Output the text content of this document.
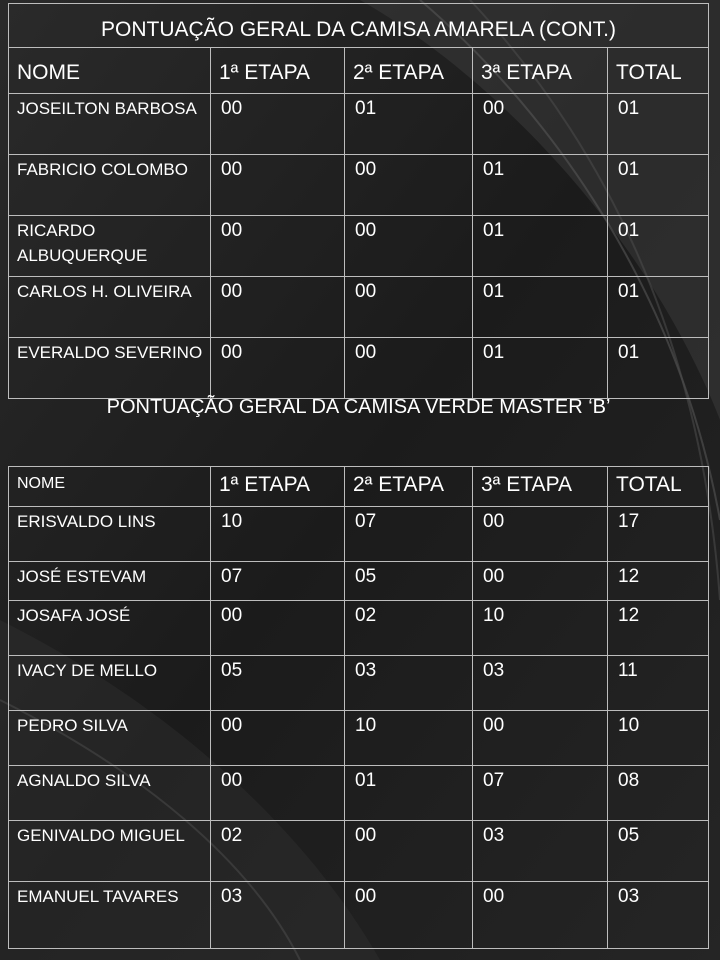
PONTUAÇÃO GERAL DA CAMISA AMARELA (CONT.)				
NOME	1ª ETAPA	2ª ETAPA	3ª ETAPA	TOTAL
JOSEILTON BARBOSA	00	01	00	01
FABRICIO COLOMBO	00	00	01	01
RICARDO ALBUQUERQUE	00	00	01	01
CARLOS H. OLIVEIRA	00	00	01	01
EVERALDO SEVERINO	00	00	01	01
PONTUAÇÃO GERAL DA CAMISA VERDE MASTER ‘B’				
NOME	1ª ETAPA	2ª ETAPA	3ª ETAPA	TOTAL
ERISVALDO LINS	10	07	00	17
JOSÉ ESTEVAM	07	05	00	12
JOSAFA JOSÉ	00	02	10	12
IVACY DE MELLO	05	03	03	11
PEDRO SILVA	00	10	00	10
AGNALDO SILVA	00	01	07	08
GENIVALDO MIGUEL	02	00	03	05
EMANUEL TAVARES	03	00	00	03
